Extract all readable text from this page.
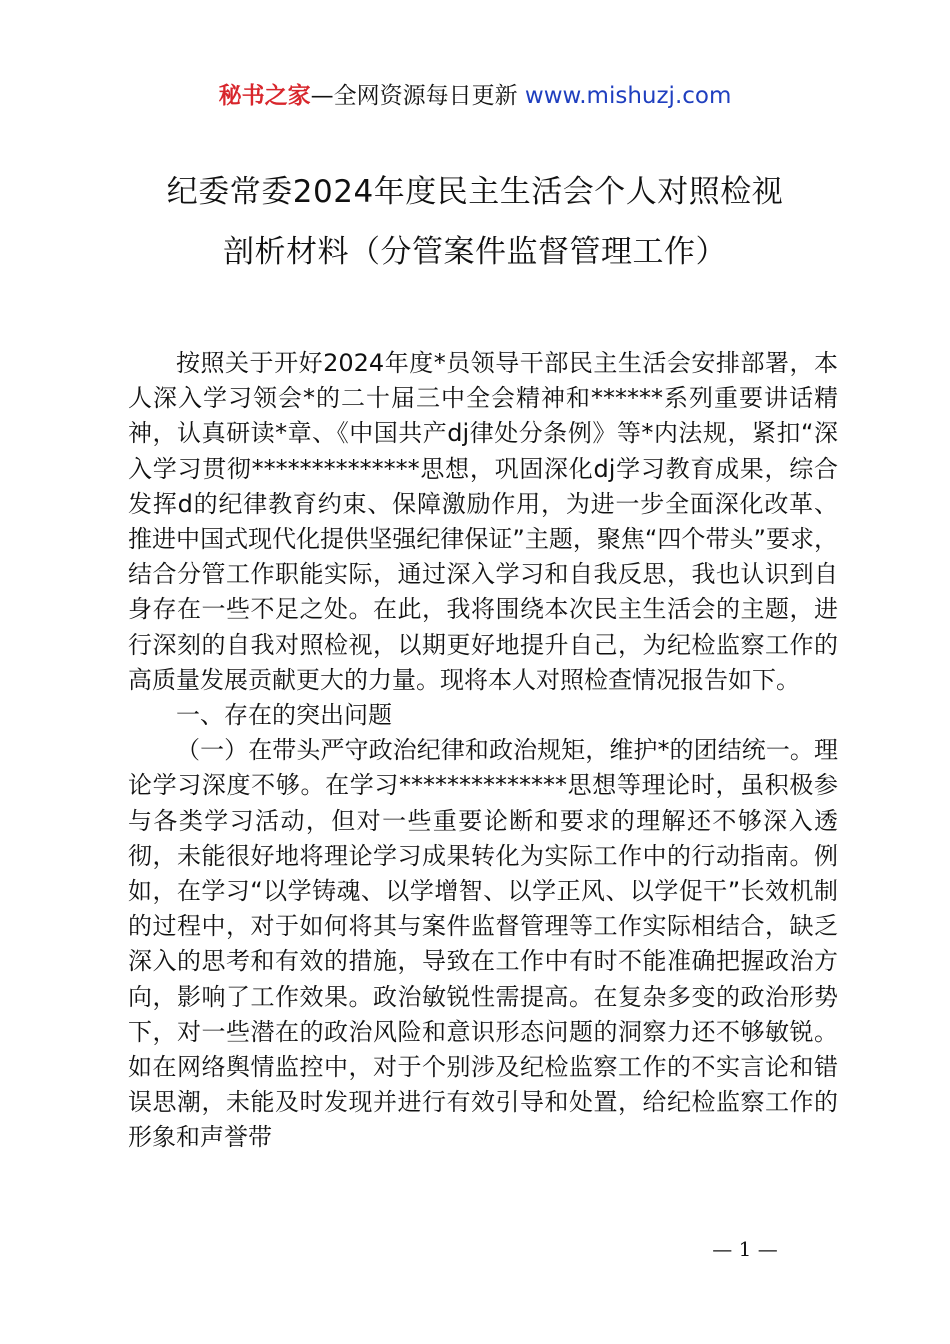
秘书之家—全网资源每日更新 www.mishuzj.com
纪委常委2024年度民主生活会个人对照检视
剖析材料（分管案件监督管理工作）

按照关于开好2024年度*员领导干部民主生活会安排部署，本人深入学习领会*的二十届三中全会精神和******系列重要讲话精神，认真研读*章、《中国共产dj律处分条例》等*内法规，紧扣“深入学习贯彻**************思想，巩固深化dj学习教育成果，综合发挥d的纪律教育约束、保障激励作用，为进一步全面深化改革、推进中国式现代化提供坚强纪律保证”主题，聚焦“四个带头”要求，结合分管工作职能实际，通过深入学习和自我反思，我也认识到自身存在一些不足之处。在此，我将围绕本次民主生活会的主题，进行深刻的自我对照检视，以期更好地提升自己，为纪检监察工作的高质量发展贡献更大的力量。现将本人对照检查情况报告如下。

一、存在的突出问题

（一）在带头严守政治纪律和政治规矩，维护*的团结统一。理论学习深度不够。在学习**************思想等理论时，虽积极参与各类学习活动，但对一些重要论断和要求的理解还不够深入透彻，未能很好地将理论学习成果转化为实际工作中的行动指南。例如，在学习“以学铸魂、以学增智、以学正风、以学促干”长效机制的过程中，对于如何将其与案件监督管理等工作实际相结合，缺乏深入的思考和有效的措施，导致在工作中有时不能准确把握政治方向，影响了工作效果。政治敏锐性需提高。在复杂多变的政治形势下，对一些潜在的政治风险和意识形态问题的洞察力还不够敏锐。如在网络舆情监控中，对于个别涉及纪检监察工作的不实言论和错误思潮，未能及时发现并进行有效引导和处置，给纪检监察工作的形象和声誉带

— 1 —
